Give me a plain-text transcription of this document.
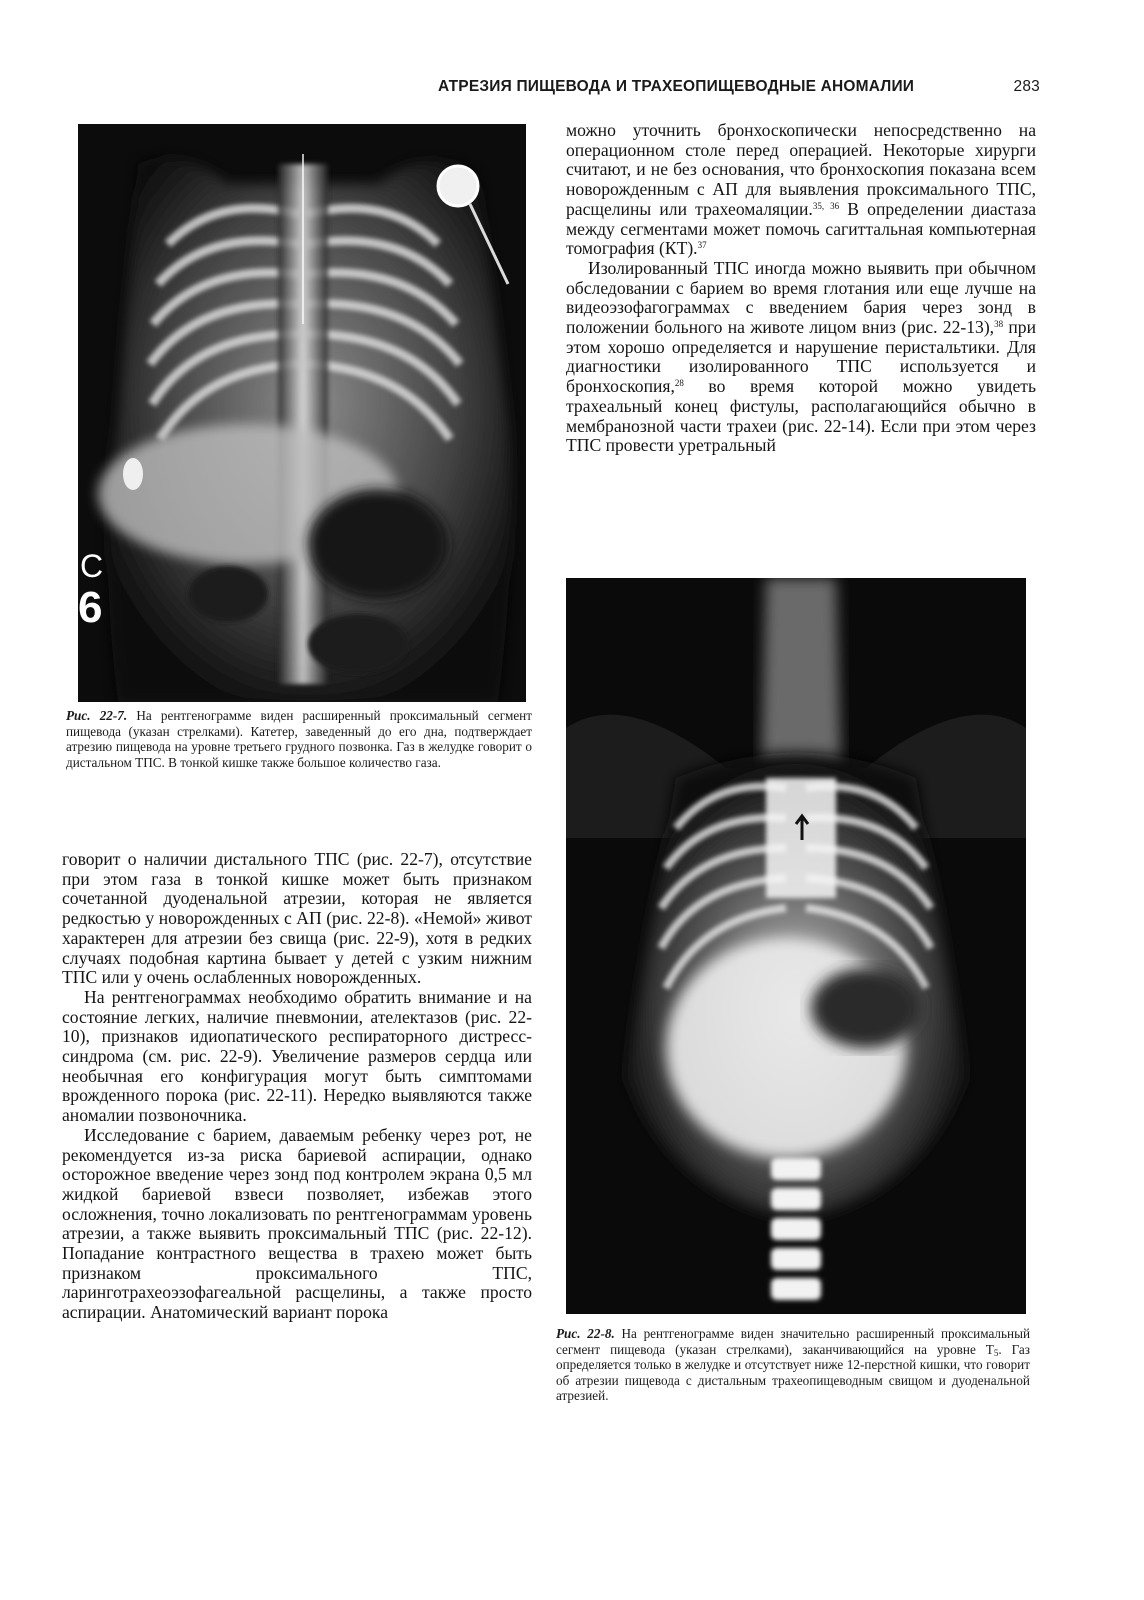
АТРЕЗИЯ ПИЩЕВОДА И ТРАХЕОПИЩЕВОДНЫЕ АНОМАЛИИ	283
C
6
Рис. 22-7. На рентгенограмме виден расширенный проксимальный сегмент пищевода (указан стрелками). Катетер, заведенный до его дна, подтверждает атрезию пищевода на уровне третьего грудного позвонка. Газ в желудке говорит о дистальном ТПС. В тонкой кишке также большое количество газа.

можно уточнить бронхоскопически непосредственно на операционном столе перед операцией. Некоторые хирурги считают, и не без основания, что бронхоскопия показана всем новорожденным с АП для выявления проксимального ТПС, расщелины или трахеомаляции.$^{35, 36}$ В определении диастаза между сегментами может помочь сагиттальная компьютерная томография (КТ).$^{37}$

Изолированный ТПС иногда можно выявить при обычном обследовании с барием во время глотания или еще лучше на видеоэзофагограммах с введением бария через зонд в положении больного на животе лицом вниз (рис. 22-13),$^{38}$ при этом хорошо определяется и нарушение перистальтики. Для диагностики изолированного ТПС используется и бронхоскопия,$^{28}$ во время которой можно увидеть трахеальный конец фистулы, располагающийся обычно в мембранозной части трахеи (рис. 22-14). Если при этом через ТПС провести уретральный

Рис. 22-8. На рентгенограмме виден значительно расширенный проксимальный сегмент пищевода (указан стрелками), заканчивающийся на уровне $T_5$. Газ определяется только в желудке и отсутствует ниже 12-перстной кишки, что говорит об атрезии пищевода с дистальным трахеопищеводным свищом и дуоденальной атрезией.

говорит о наличии дистального ТПС (рис. 22-7), отсутствие при этом газа в тонкой кишке может быть признаком сочетанной дуоденальной атрезии, которая не является редкостью у новорожденных с АП (рис. 22-8). «Немой» живот характерен для атрезии без свища (рис. 22-9), хотя в редких случаях подобная картина бывает у детей с узким нижним ТПС или у очень ослабленных новорожденных.

На рентгенограммах необходимо обратить внимание и на состояние легких, наличие пневмонии, ателектазов (рис. 22-10), признаков идиопатического респираторного дистресс-синдрома (см. рис. 22-9). Увеличение размеров сердца или необычная его конфигурация могут быть симптомами врожденного порока (рис. 22-11). Нередко выявляются также аномалии позвоночника.

Исследование с барием, даваемым ребенку через рот, не рекомендуется из-за риска бариевой аспирации, однако осторожное введение через зонд под контролем экрана 0,5 мл жидкой бариевой взвеси позволяет, избежав этого осложнения, точно локализовать по рентгенограммам уровень атрезии, а также выявить проксимальный ТПС (рис. 22-12). Попадание контрастного вещества в трахею может быть признаком проксимального ТПС, ларинготрахеоэзофагеальной расщелины, а также просто аспирации. Анатомический вариант порока
